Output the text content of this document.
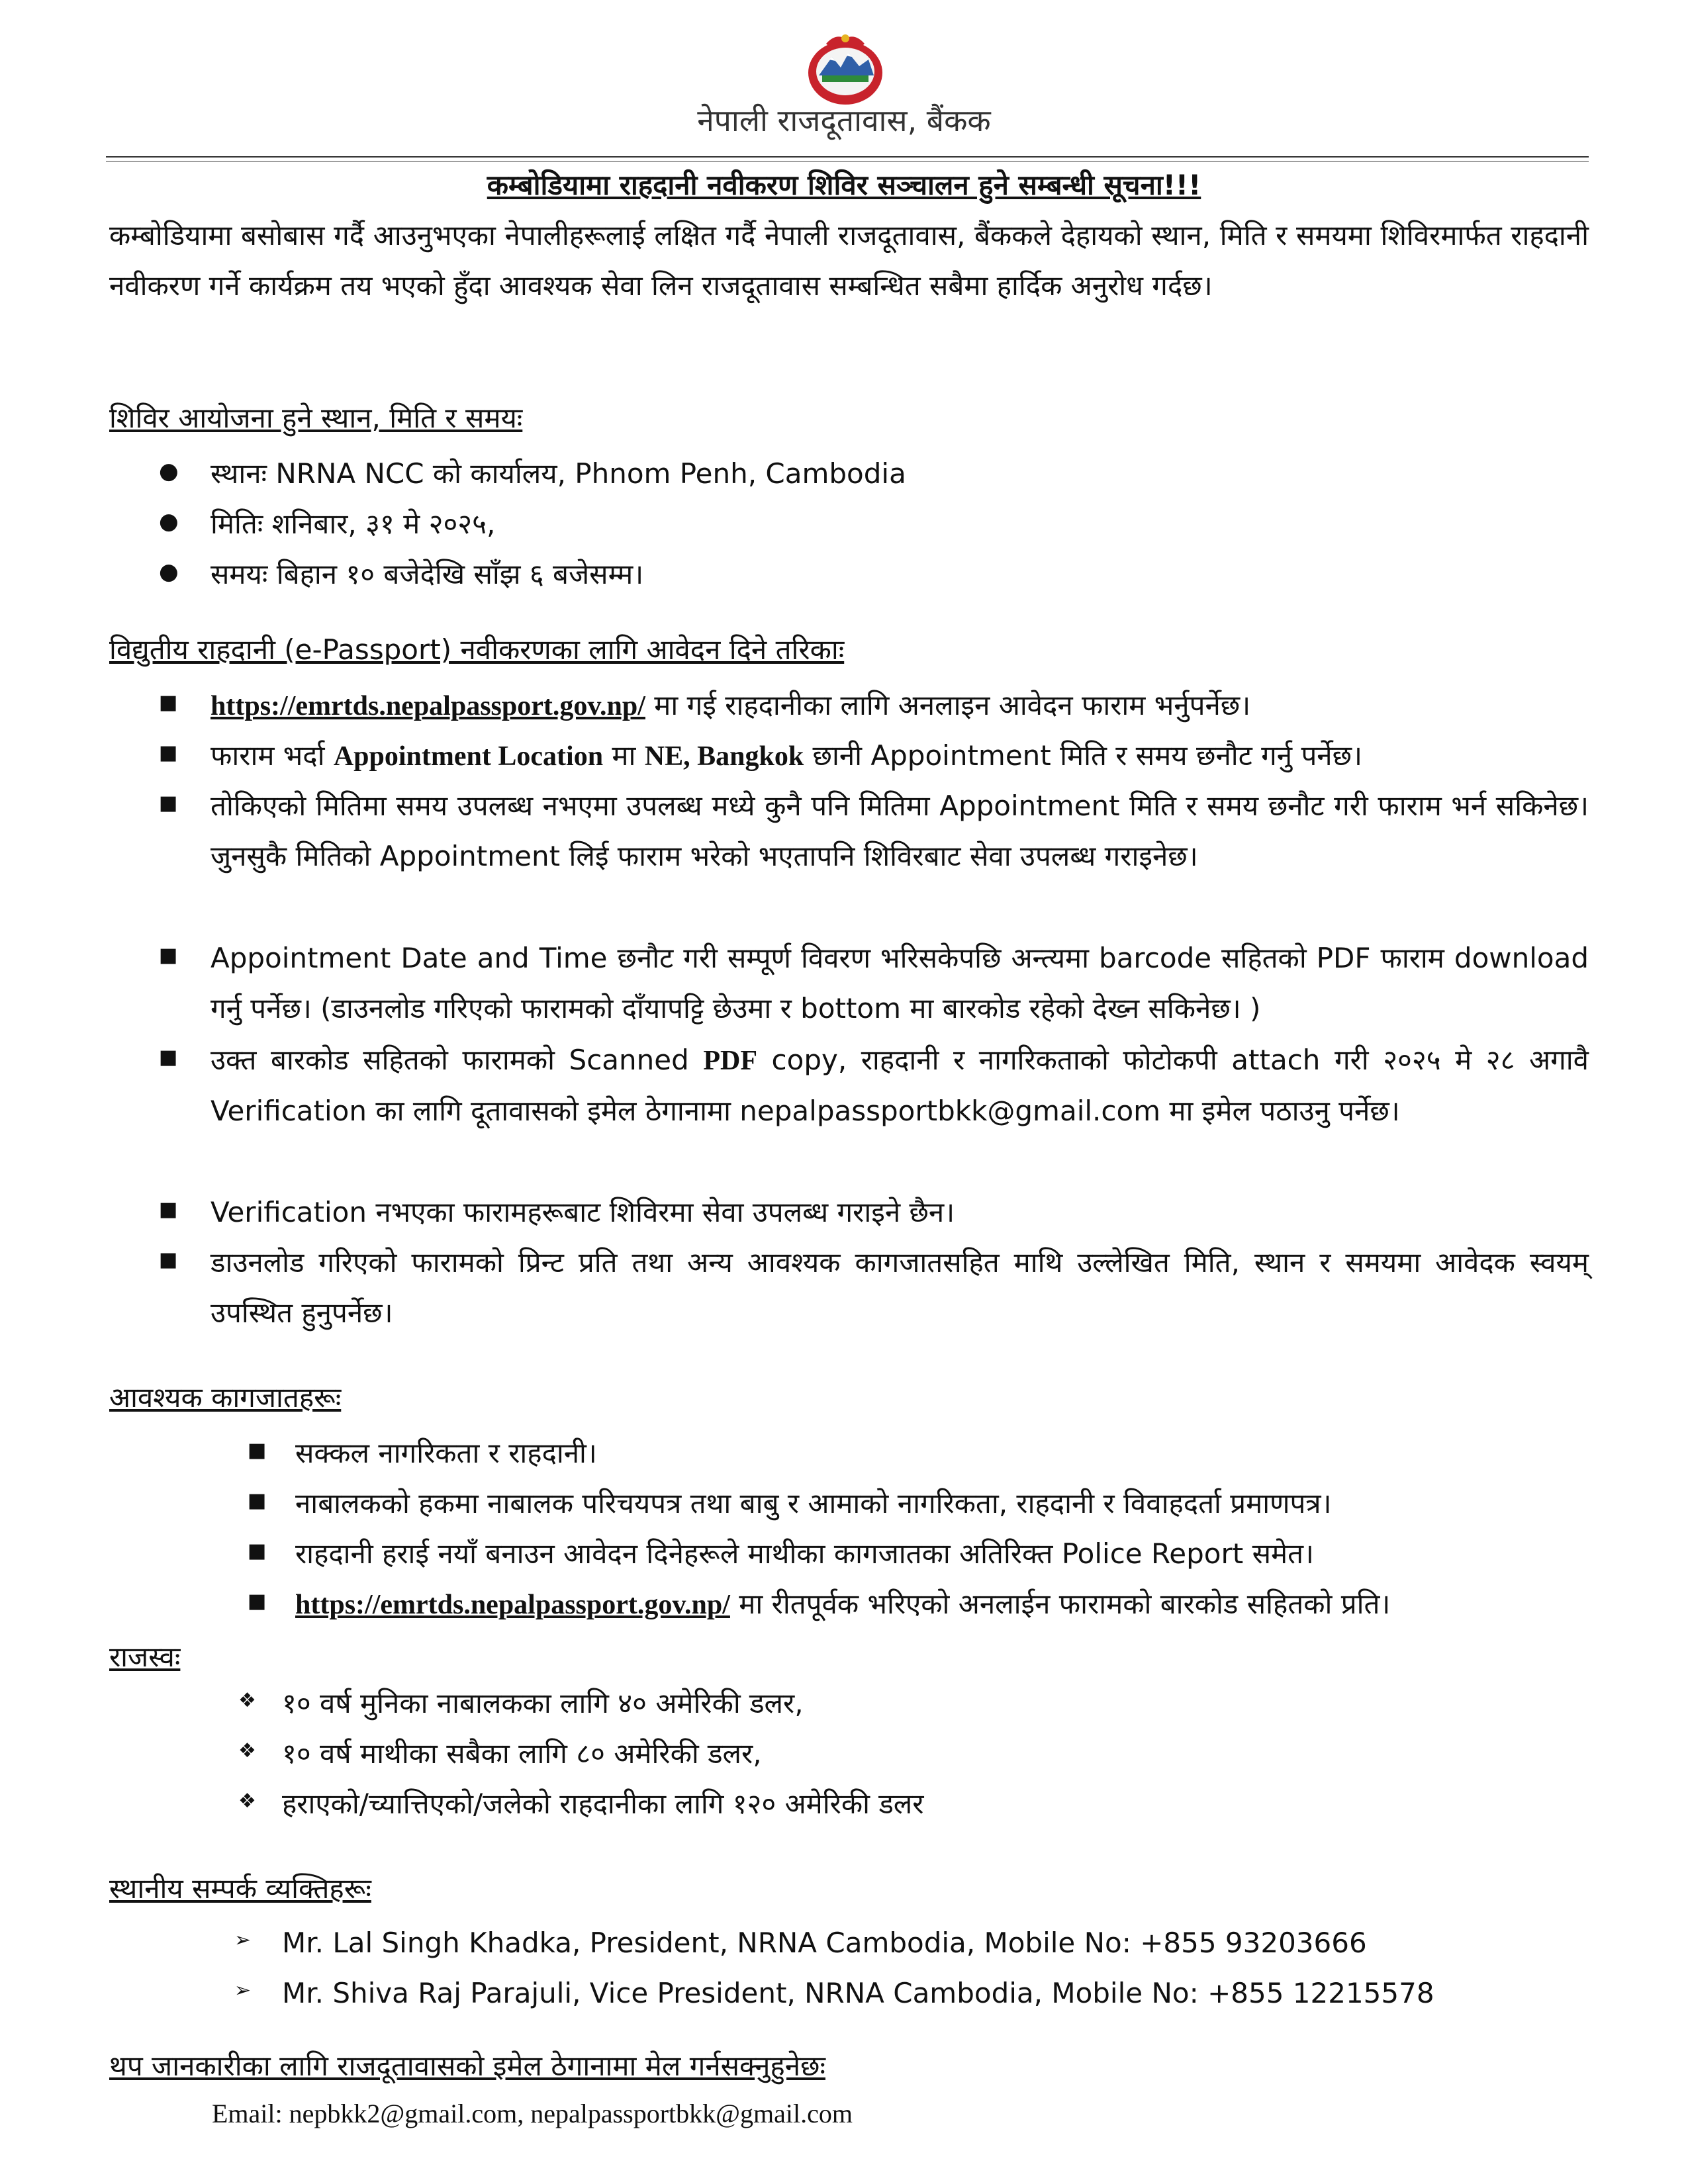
नेपाली राजदूतावास, बैंकक
कम्बोडियामा राहदानी नवीकरण शिविर सञ्चालन हुने सम्बन्धी सूचना!!!
कम्बोडियामा बसोबास गर्दै आउनुभएका नेपालीहरूलाई लक्षित गर्दै नेपाली राजदूतावास, बैंककले देहायको स्थान, मिति र समयमा शिविरमार्फत राहदानी नवीकरण गर्ने कार्यक्रम तय भएको हुँदा आवश्यक सेवा लिन राजदूतावास सम्बन्धित सबैमा हार्दिक अनुरोध गर्दछ।
शिविर आयोजना हुने स्थान, मिति र समयः
● स्थानः NRNA NCC को कार्यालय, Phnom Penh, Cambodia
● मितिः शनिबार, ३१ मे २०२५,
● समयः बिहान १० बजेदेखि साँझ ६ बजेसम्म।
विद्युतीय राहदानी (e-Passport) नवीकरणका लागि आवेदन दिने तरिकाः
■ https://emrtds.nepalpassport.gov.np/ मा गई राहदानीका लागि अनलाइन आवेदन फाराम भर्नुपर्नेछ।
■ फाराम भर्दा Appointment Location मा NE, Bangkok छानी Appointment मिति र समय छनौट गर्नु पर्नेछ।
■ तोकिएको मितिमा समय उपलब्ध नभएमा उपलब्ध मध्ये कुनै पनि मितिमा Appointment मिति र समय छनौट गरी फाराम भर्न सकिनेछ। जुनसुकै मितिको Appointment लिई फाराम भरेको भएतापनि शिविरबाट सेवा उपलब्ध गराइनेछ।
■ Appointment Date and Time छनौट गरी सम्पूर्ण विवरण भरिसकेपछि अन्त्यमा barcode सहितको PDF फाराम download गर्नु पर्नेछ। (डाउनलोड गरिएको फारामको दाँयापट्टि छेउमा र bottom मा बारकोड रहेको देख्न सकिनेछ। )
■ उक्त बारकोड सहितको फारामको Scanned PDF copy, राहदानी र नागरिकताको फोटोकपी attach गरी २०२५ मे २८ अगावै Verification का लागि दूतावासको इमेल ठेगानामा nepalpassportbkk@gmail.com मा इमेल पठाउनु पर्नेछ।
■ Verification नभएका फारामहरूबाट शिविरमा सेवा उपलब्ध गराइने छैन।
■ डाउनलोड गरिएको फारामको प्रिन्ट प्रति तथा अन्य आवश्यक कागजातसहित माथि उल्लेखित मिति, स्थान र समयमा आवेदक स्वयम् उपस्थित हुनुपर्नेछ।
आवश्यक कागजातहरूः
■ सक्कल नागरिकता र राहदानी।
■ नाबालकको हकमा नाबालक परिचयपत्र तथा बाबु र आमाको नागरिकता, राहदानी र विवाहदर्ता प्रमाणपत्र।
■ राहदानी हराई नयाँ बनाउन आवेदन दिनेहरूले माथीका कागजातका अतिरिक्त Police Report समेत।
■ https://emrtds.nepalpassport.gov.np/ मा रीतपूर्वक भरिएको अनलाईन फारामको बारकोड सहितको प्रति।
राजस्वः
❖ १० वर्ष मुनिका नाबालकका लागि ४० अमेरिकी डलर,
❖ १० वर्ष माथीका सबैका लागि ८० अमेरिकी डलर,
❖ हराएको/च्यात्तिएको/जलेको राहदानीका लागि १२० अमेरिकी डलर
स्थानीय सम्पर्क व्यक्तिहरूः
➢ Mr. Lal Singh Khadka, President, NRNA Cambodia, Mobile No: +855 93203666
➢ Mr. Shiva Raj Parajuli, Vice President, NRNA Cambodia, Mobile No: +855 12215578
थप जानकारीका लागि राजदूतावासको इमेल ठेगानामा मेल गर्नसक्नुहुनेछः
Email: nepbkk2@gmail.com, nepalpassportbkk@gmail.com
